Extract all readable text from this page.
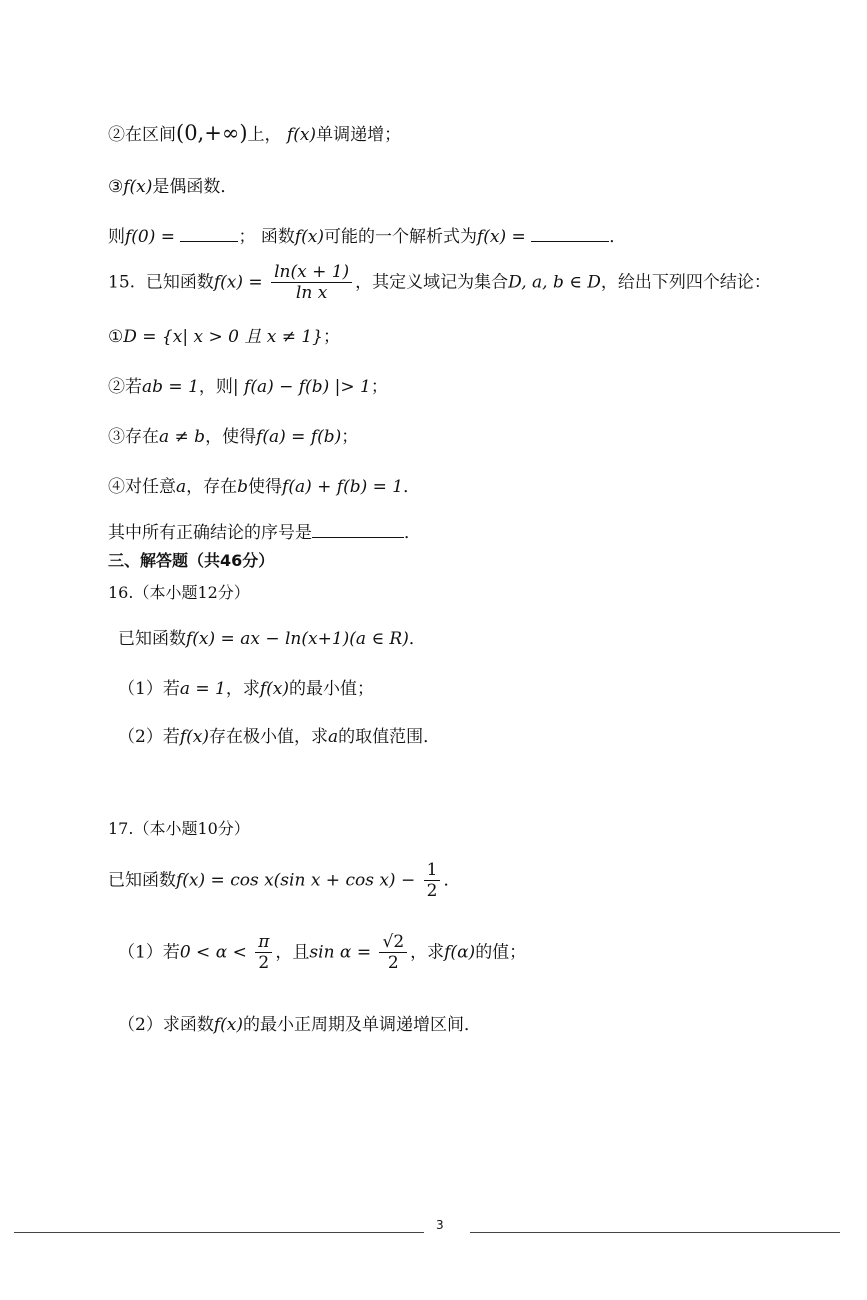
②在区间(0,+∞)上， f(x)单调递增；
③f(x)是偶函数．
则f(0) =	； 函数f(x)可能的一个解析式为f(x) =	．
15. 已知函数$f(x) = \frac{\ln(x + 1)}{\text{ln x}}$ ，其定义域记为集合D, a, b ∈ D，给出下列四个结论：
①D = {x| x > 0 且 x ≠ 1}；
②若ab = 1，则| f(a) − f(b) |> 1；
③存在a ≠ b，使得f(a) = f(b)；
④对任意a，存在b使得f(a) + f(b) = 1．
其中所有正确结论的序号是	．
三、解答题（共46分）
16.（本小题12分）
已知函数f(x) = ax − ln(x+1)(a ∈ R)．
（1）若a = 1，求f(x)的最小值；
（2）若f(x)存在极小值，求a的取值范围．
17.（本小题10分）
已知函数f(x) = cos x(sin $x + \cos x) - \frac{1}{2}$ ．
（1）若$0 < \alpha < \frac{\pi}{2}$ ，且$\sin \alpha = \frac{√2}{2}$ ，求f(α)的值；
（2）求函数f(x)的最小正周期及单调递增区间．
3
